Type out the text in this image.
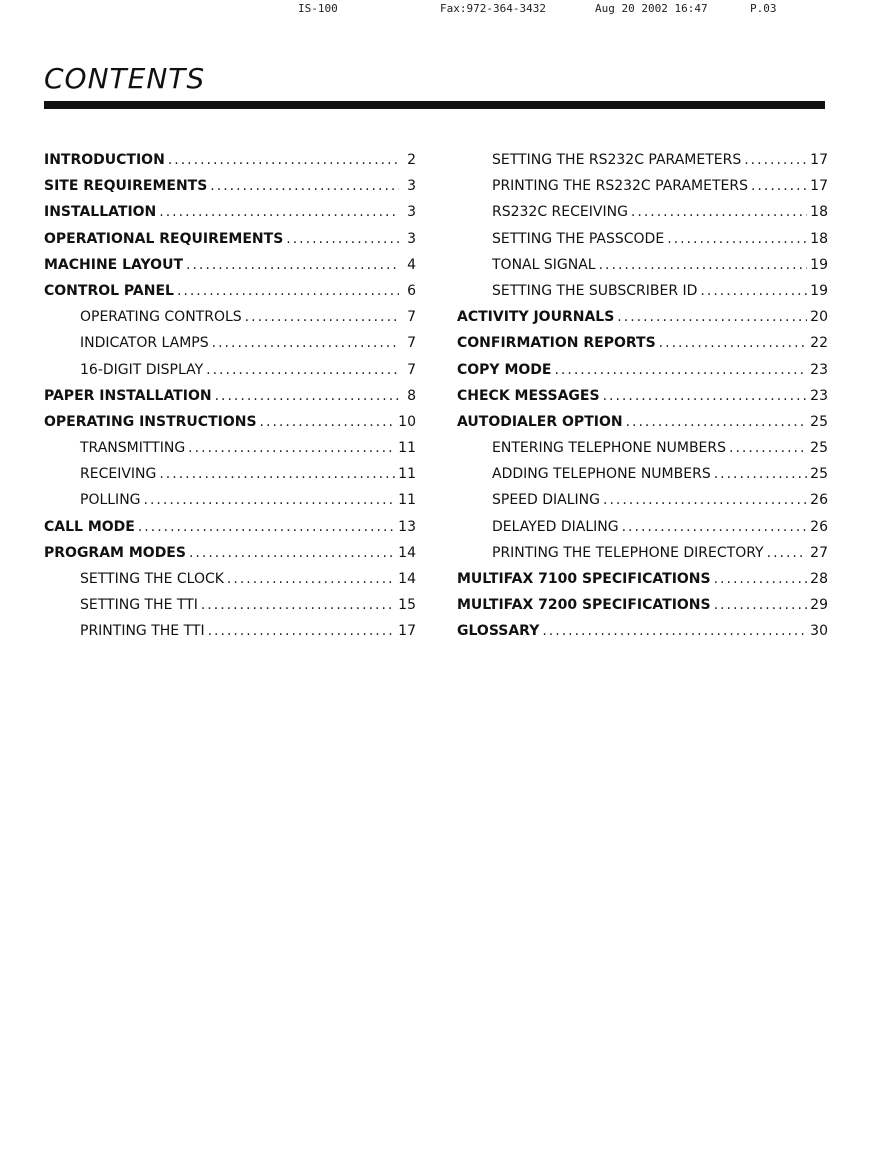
IS-100	Fax:972-364-3432	Aug 20 2002 16:47	P.03
CONTENTS
INTRODUCTION .....	2
SITE REQUIREMENTS .....	3
INSTALLATION .....	3
OPERATIONAL REQUIREMENTS .....	3
MACHINE LAYOUT .....	4
CONTROL PANEL .....	6
OPERATING CONTROLS .....	7
INDICATOR LAMPS .....	7
16-DIGIT DISPLAY .....	7
PAPER INSTALLATION .....	8
OPERATING INSTRUCTIONS .....	10
TRANSMITTING .....	11
RECEIVING .....	11
POLLING .....	11
CALL MODE .....	13
PROGRAM MODES .....	14
SETTING THE CLOCK .....	14
SETTING THE TTI .....	15
PRINTING THE TTI .....	17
SETTING THE RS232C PARAMETERS .....	17
PRINTING THE RS232C PARAMETERS .....	17
RS232C RECEIVING .....	18
SETTING THE PASSCODE .....	18
TONAL SIGNAL .....	19
SETTING THE SUBSCRIBER ID .....	19
ACTIVITY JOURNALS .....	20
CONFIRMATION REPORTS .....	22
COPY MODE .....	23
CHECK MESSAGES .....	23
AUTODIALER OPTION .....	25
ENTERING TELEPHONE NUMBERS .....	25
ADDING TELEPHONE NUMBERS .....	25
SPEED DIALING .....	26
DELAYED DIALING .....	26
PRINTING THE TELEPHONE DIRECTORY .....	27
MULTIFAX 7100 SPECIFICATIONS .....	28
MULTIFAX 7200 SPECIFICATIONS .....	29
GLOSSARY .....	30
